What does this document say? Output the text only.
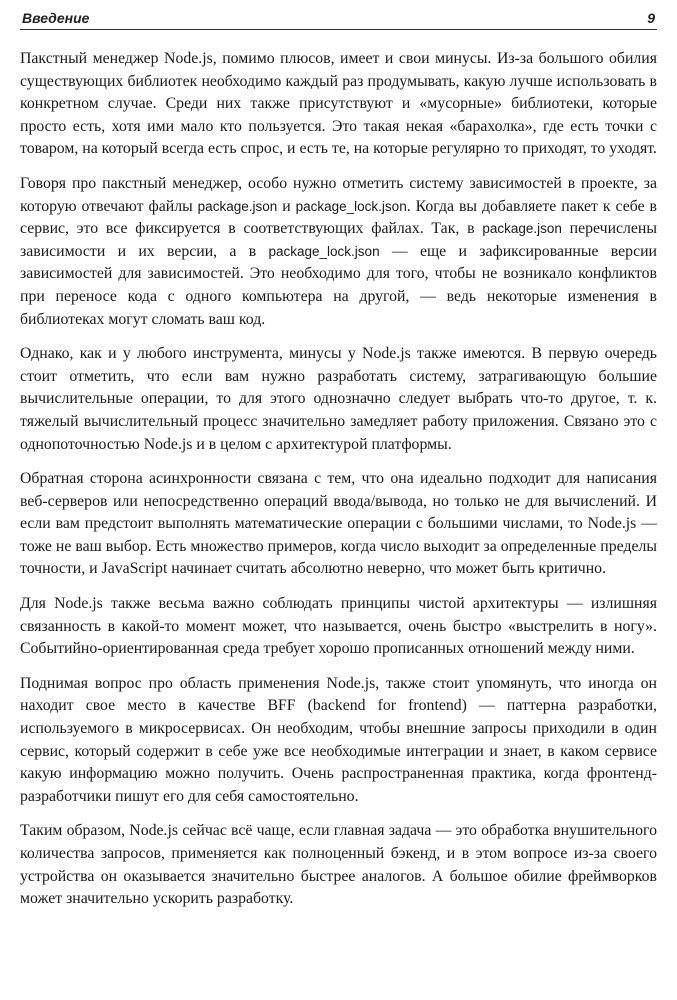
Введение	9

Пакстный менеджер Node.js, помимо плюсов, имеет и свои минусы. Из-за большого обилия существующих библиотек необходимо каждый раз продумывать, какую лучше использовать в конкретном случае. Среди них также присутствуют и «мусорные» библиотеки, которые просто есть, хотя ими мало кто пользуется. Это такая некая «барахолка», где есть точки с товаром, на который всегда есть спрос, и есть те, на которые регулярно то приходят, то уходят.

Говоря про пакстный менеджер, особо нужно отметить систему зависимостей в проекте, за которую отвечают файлы package.json и package_lock.json. Когда вы добавляете пакет к себе в сервис, это все фиксируется в соответствующих файлах. Так, в package.json перечислены зависимости и их версии, а в package_lock.json — еще и зафиксированные версии зависимостей для зависимостей. Это необходимо для того, чтобы не возникало конфликтов при переносе кода с одного компьютера на другой, — ведь некоторые изменения в библиотеках могут сломать ваш код.

Однако, как и у любого инструмента, минусы у Node.js также имеются. В первую очередь стоит отметить, что если вам нужно разработать систему, затрагивающую большие вычислительные операции, то для этого однозначно следует выбрать что-то другое, т. к. тяжелый вычислительный процесс значительно замедляет работу приложения. Связано это с однопоточностью Node.js и в целом с архитектурой платформы.

Обратная сторона асинхронности связана с тем, что она идеально подходит для написания веб-серверов или непосредственно операций ввода/вывода, но только не для вычислений. И если вам предстоит выполнять математические операции с большими числами, то Node.js — тоже не ваш выбор. Есть множество примеров, когда число выходит за определенные пределы точности, и JavaScript начинает считать абсолютно неверно, что может быть критично.

Для Node.js также весьма важно соблюдать принципы чистой архитектуры — излишняя связанность в какой-то момент может, что называется, очень быстро «выстрелить в ногу». Событийно-ориентированная среда требует хорошо прописанных отношений между ними.

Поднимая вопрос про область применения Node.js, также стоит упомянуть, что иногда он находит свое место в качестве BFF (backend for frontend) — паттерна разработки, используемого в микросервисах. Он необходим, чтобы внешние запросы приходили в один сервис, который содержит в себе уже все необходимые интеграции и знает, в каком сервисе какую информацию можно получить. Очень распространенная практика, когда фронтенд-разработчики пишут его для себя самостоятельно.

Таким образом, Node.js сейчас всё чаще, если главная задача — это обработка внушительного количества запросов, применяется как полноценный бэкенд, и в этом вопросе из-за своего устройства он оказывается значительно быстрее аналогов. А большое обилие фреймворков может значительно ускорить разработку.
